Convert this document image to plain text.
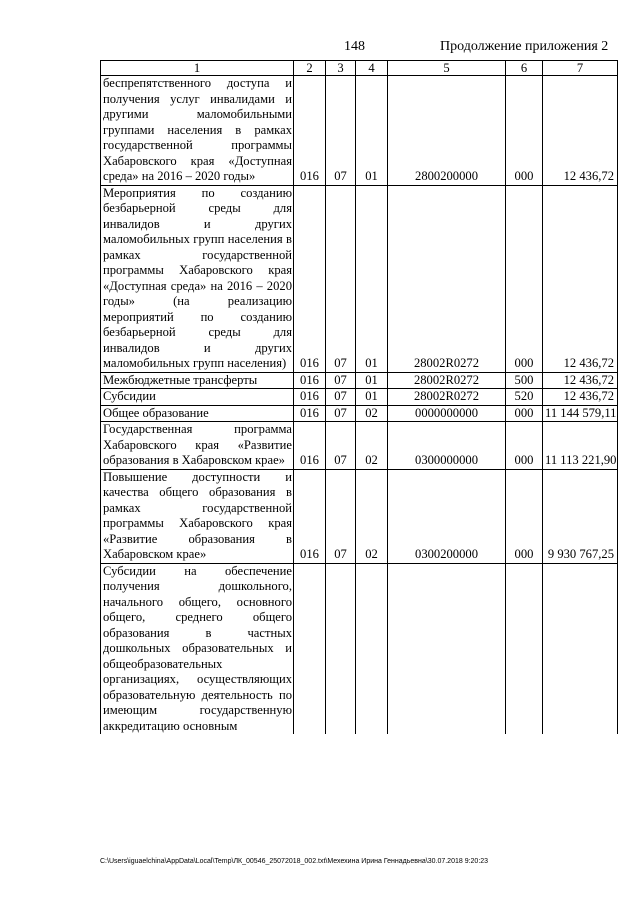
148	Продолжение приложения 2
1	2	3	4	5	6	7
беспрепятственного доступа и получения услуг инвалидами и другими маломобильными группами населения в рамках государственной программы Хабаровского края «Доступная среда» на 2016 – 2020 годы»	016	07	01	2800200000	000	12 436,72
Мероприятия по созданию безбарьерной среды для инвалидов и других маломобильных групп населения в рамках государственной программы Хабаровского края «Доступная среда» на 2016 – 2020 годы» (на реализацию мероприятий по созданию безбарьерной среды для инвалидов и других маломобильных групп населения)	016	07	01	28002R0272	000	12 436,72
Межбюджетные трансферты	016	07	01	28002R0272	500	12 436,72
Субсидии	016	07	01	28002R0272	520	12 436,72
Общее образование	016	07	02	0000000000	000	11 144 579,11
Государственная программа Хабаровского края «Развитие образования в Хабаровском крае»	016	07	02	0300000000	000	11 113 221,90
Повышение доступности и качества общего образования в рамках государственной программы Хабаровского края «Развитие образования в Хабаровском крае»	016	07	02	0300200000	000	9 930 767,25
Субсидии на обеспечение получения дошкольного, начального общего, основного общего, среднего общего образования в частных дошкольных образовательных и общеобразовательных организациях, осуществляющих образовательную деятельность по имеющим государственную аккредитацию основным						
C:\Users\iguaelchina\AppData\Local\Temp\ЛК_00546_25072018_002.txt\Мехехина Ирина Геннадьевна\30.07.2018 9:20:23
